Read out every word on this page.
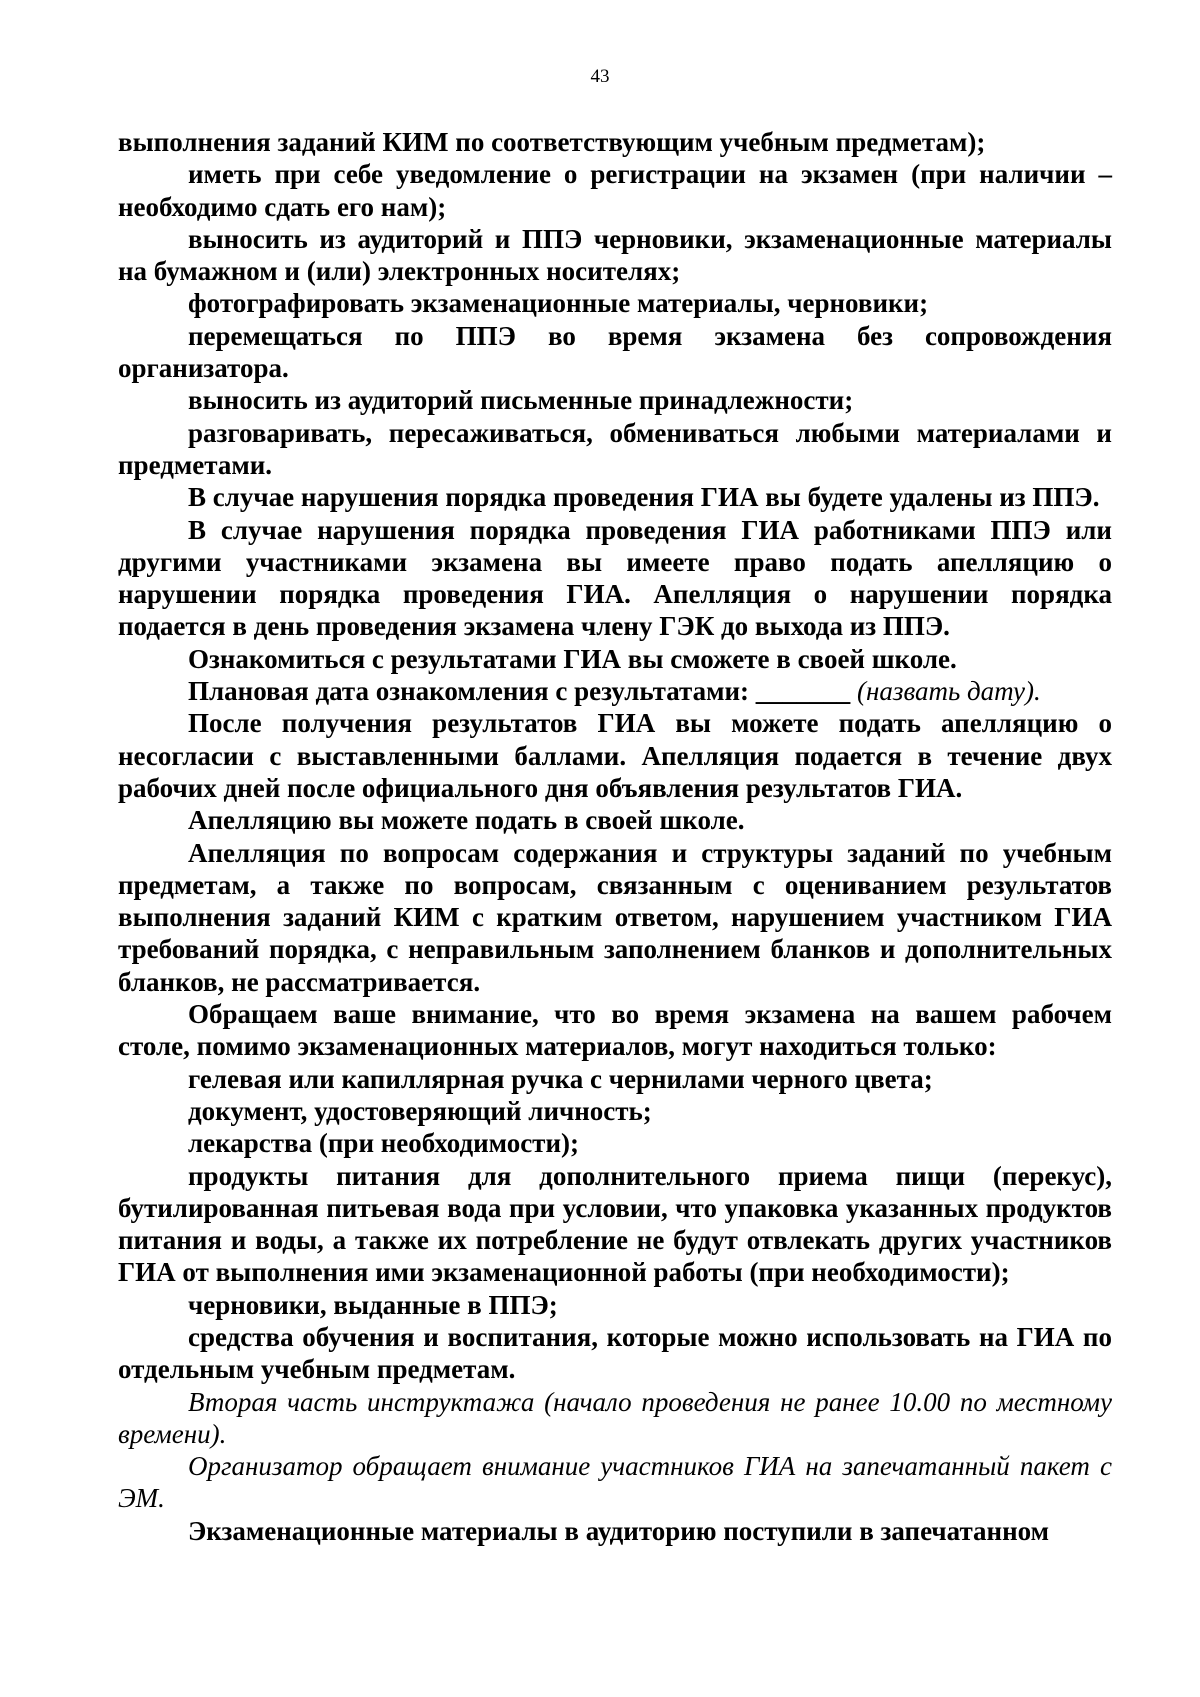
43

выполнения заданий КИМ по соответствующим учебным предметам);

иметь при себе уведомление о регистрации на экзамен (при наличии – необходимо сдать его нам);

выносить из аудиторий и ППЭ черновики, экзаменационные материалы на бумажном и (или) электронных носителях;

фотографировать экзаменационные материалы, черновики;

перемещаться по ППЭ во время экзамена без сопровождения организатора.

выносить из аудиторий письменные принадлежности;

разговаривать, пересаживаться, обмениваться любыми материалами и предметами.

В случае нарушения порядка проведения ГИА вы будете удалены из ППЭ.

В случае нарушения порядка проведения ГИА работниками ППЭ или другими участниками экзамена вы имеете право подать апелляцию о нарушении порядка проведения ГИА. Апелляция о нарушении порядка подается в день проведения экзамена члену ГЭК до выхода из ППЭ.

Ознакомиться с результатами ГИА вы сможете в своей школе.

Плановая дата ознакомления с результатами: _______ (назвать дату).

После получения результатов ГИА вы можете подать апелляцию о несогласии с выставленными баллами. Апелляция подается в течение двух рабочих дней после официального дня объявления результатов ГИА.

Апелляцию вы можете подать в своей школе.

Апелляция по вопросам содержания и структуры заданий по учебным предметам, а также по вопросам, связанным с оцениванием результатов выполнения заданий КИМ с кратким ответом, нарушением участником ГИА требований порядка, с неправильным заполнением бланков и дополнительных бланков, не рассматривается.

Обращаем ваше внимание, что во время экзамена на вашем рабочем столе, помимо экзаменационных материалов, могут находиться только:

гелевая или капиллярная ручка с чернилами черного цвета;

документ, удостоверяющий личность;

лекарства (при необходимости);

продукты питания для дополнительного приема пищи (перекус), бутилированная питьевая вода при условии, что упаковка указанных продуктов питания и воды, а также их потребление не будут отвлекать других участников ГИА от выполнения ими экзаменационной работы (при необходимости);

черновики, выданные в ППЭ;

средства обучения и воспитания, которые можно использовать на ГИА по отдельным учебным предметам.

Вторая часть инструктажа (начало проведения не ранее 10.00 по местному времени).

Организатор обращает внимание участников ГИА на запечатанный пакет с ЭМ.

Экзаменационные материалы в аудиторию поступили в запечатанном
